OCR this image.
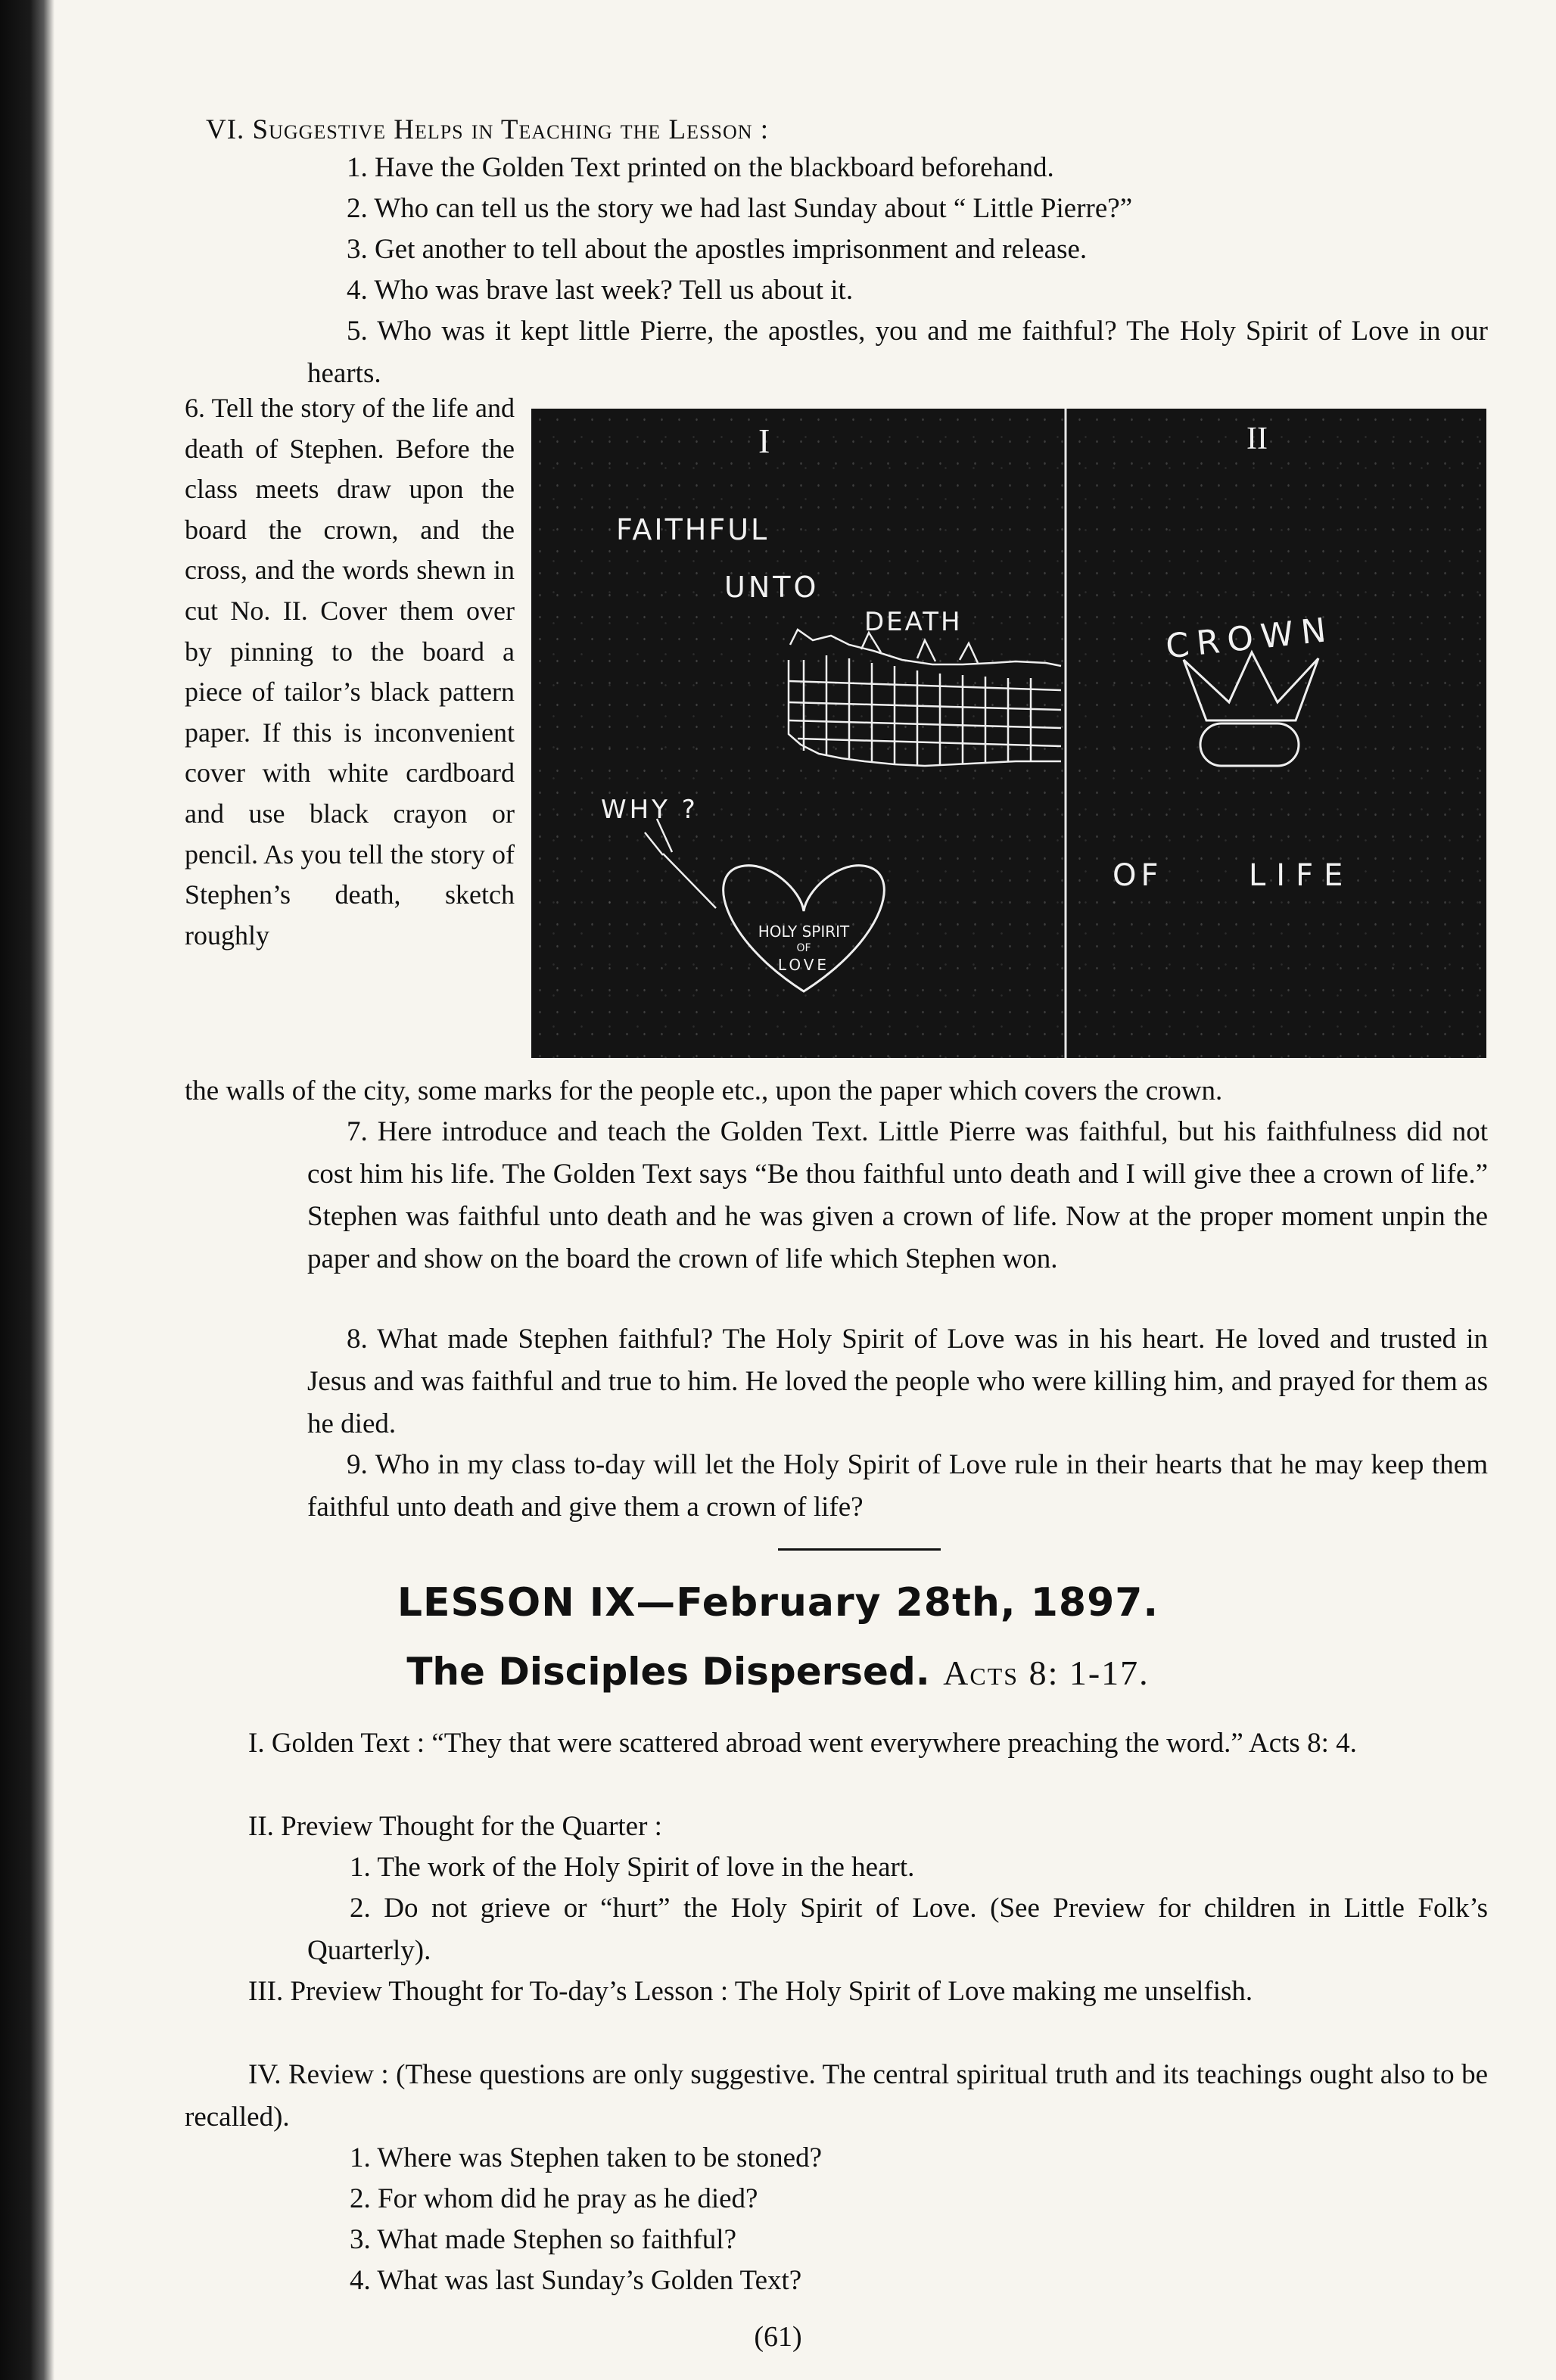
VI. Suggestive Helps in Teaching the Lesson :
1. Have the Golden Text printed on the blackboard beforehand.
2. Who can tell us the story we had last Sunday about “ Little Pierre?”
3. Get another to tell about the apostles imprisonment and release.
4. Who was brave last week? Tell us about it.
5. Who was it kept little Pierre, the apostles, you and me faithful? The Holy Spirit of Love in our hearts.
6. Tell the story of the life and death of Stephen. Before the class meets draw upon the board the crown, and the cross, and the words shewn in cut No. II. Cover them over by pinning to the board a piece of tailor’s black pattern paper. If this is inconvenient cover with white cardboard and use black crayon or pencil. As you tell the story of Stephen’s death, sketch roughly
I	II
FAITHFUL
UNTO
DEATH
WHY ?
HOLY SPIRIT
OF
LOVE
CROWN
OF	LIFE
the walls of the city, some marks for the people etc., upon the paper which covers the crown.
7. Here introduce and teach the Golden Text. Little Pierre was faithful, but his faithfulness did not cost him his life. The Golden Text says “Be thou faithful unto death and I will give thee a crown of life.” Stephen was faithful unto death and he was given a crown of life. Now at the proper moment unpin the paper and show on the board the crown of life which Stephen won.
8. What made Stephen faithful? The Holy Spirit of Love was in his heart. He loved and trusted in Jesus and was faithful and true to him. He loved the people who were killing him, and prayed for them as he died.
9. Who in my class to-day will let the Holy Spirit of Love rule in their hearts that he may keep them faithful unto death and give them a crown of life?
LESSON IX—February 28th, 1897.
The Disciples Dispersed. Acts 8: 1-17.
I. Golden Text : “They that were scattered abroad went everywhere preaching the word.” Acts 8: 4.
II. Preview Thought for the Quarter :
1. The work of the Holy Spirit of love in the heart.
2. Do not grieve or “hurt” the Holy Spirit of Love. (See Preview for children in Little Folk’s Quarterly).
III. Preview Thought for To-day’s Lesson : The Holy Spirit of Love making me unselfish.
IV. Review : (These questions are only suggestive. The central spiritual truth and its teachings ought also to be recalled).
1. Where was Stephen taken to be stoned?
2. For whom did he pray as he died?
3. What made Stephen so faithful?
4. What was last Sunday’s Golden Text?
(61)
